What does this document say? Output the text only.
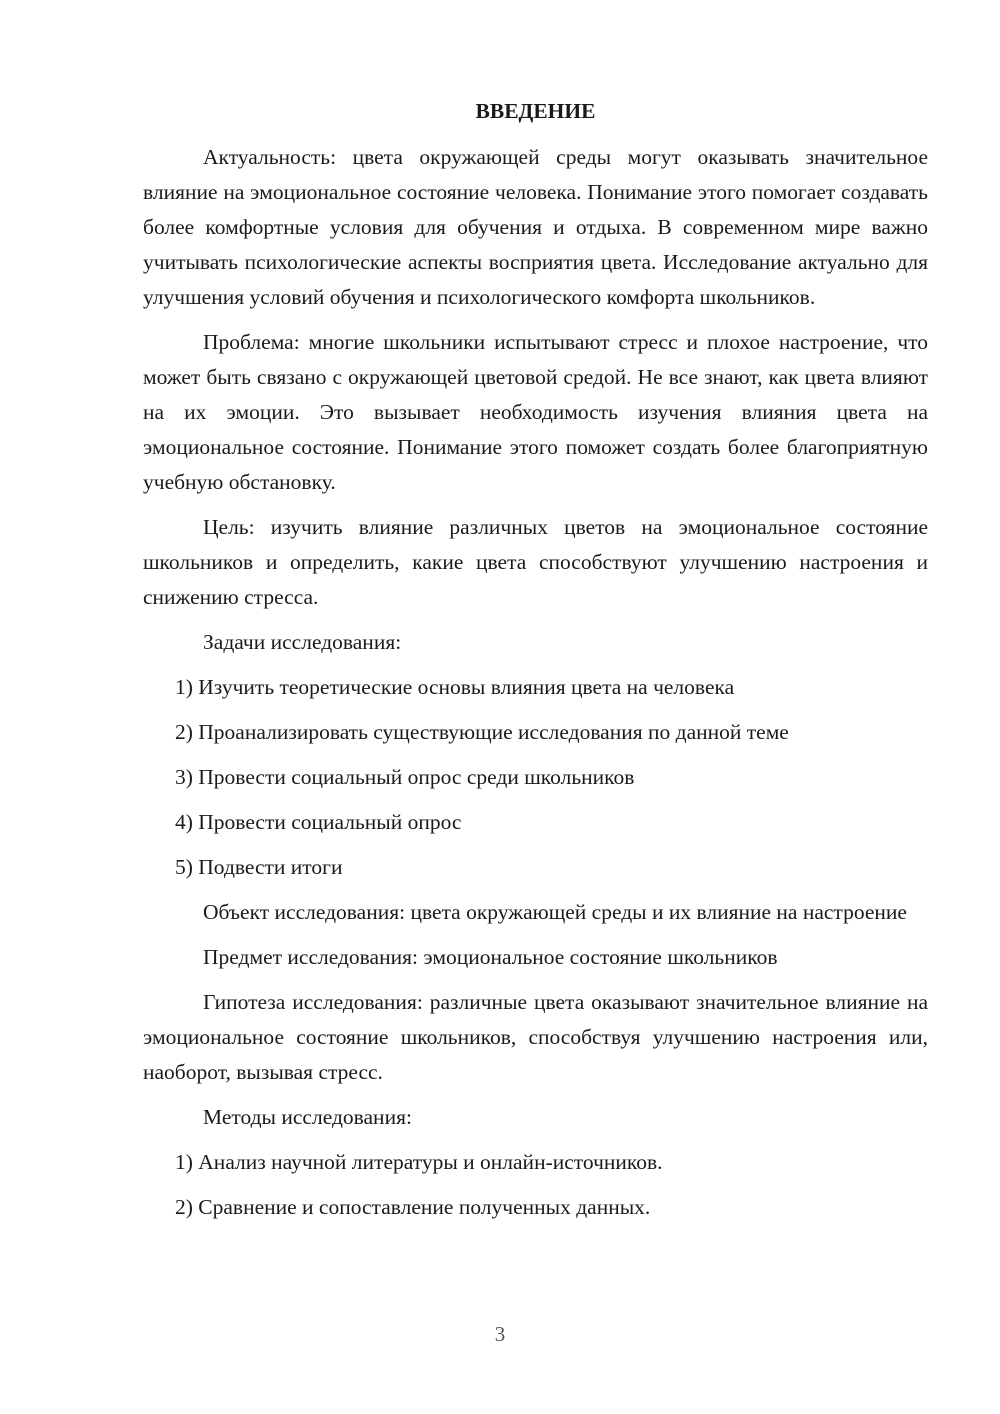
ВВЕДЕНИЕ

Актуальность: цвета окружающей среды могут оказывать значительное влияние на эмоциональное состояние человека. Понимание этого помогает создавать более комфортные условия для обучения и отдыха. В современном мире важно учитывать психологические аспекты восприятия цвета. Исследование актуально для улучшения условий обучения и психологического комфорта школьников.

Проблема: многие школьники испытывают стресс и плохое настроение, что может быть связано с окружающей цветовой средой. Не все знают, как цвета влияют на их эмоции. Это вызывает необходимость изучения влияния цвета на эмоциональное состояние. Понимание этого поможет создать более благоприятную учебную обстановку.

Цель: изучить влияние различных цветов на эмоциональное состояние школьников и определить, какие цвета способствуют улучшению настроения и снижению стресса.

Задачи исследования:

1) Изучить теоретические основы влияния цвета на человека

2) Проанализировать существующие исследования по данной теме

3) Провести социальный опрос среди школьников

4) Провести социальный опрос

5) Подвести итоги

Объект исследования: цвета окружающей среды и их влияние на настроение

Предмет исследования: эмоциональное состояние школьников

Гипотеза исследования: различные цвета оказывают значительное влияние на эмоциональное состояние школьников, способствуя улучшению настроения или, наоборот, вызывая стресс.

Методы исследования:

1) Анализ научной литературы и онлайн-источников.

2) Сравнение и сопоставление полученных данных.

3
